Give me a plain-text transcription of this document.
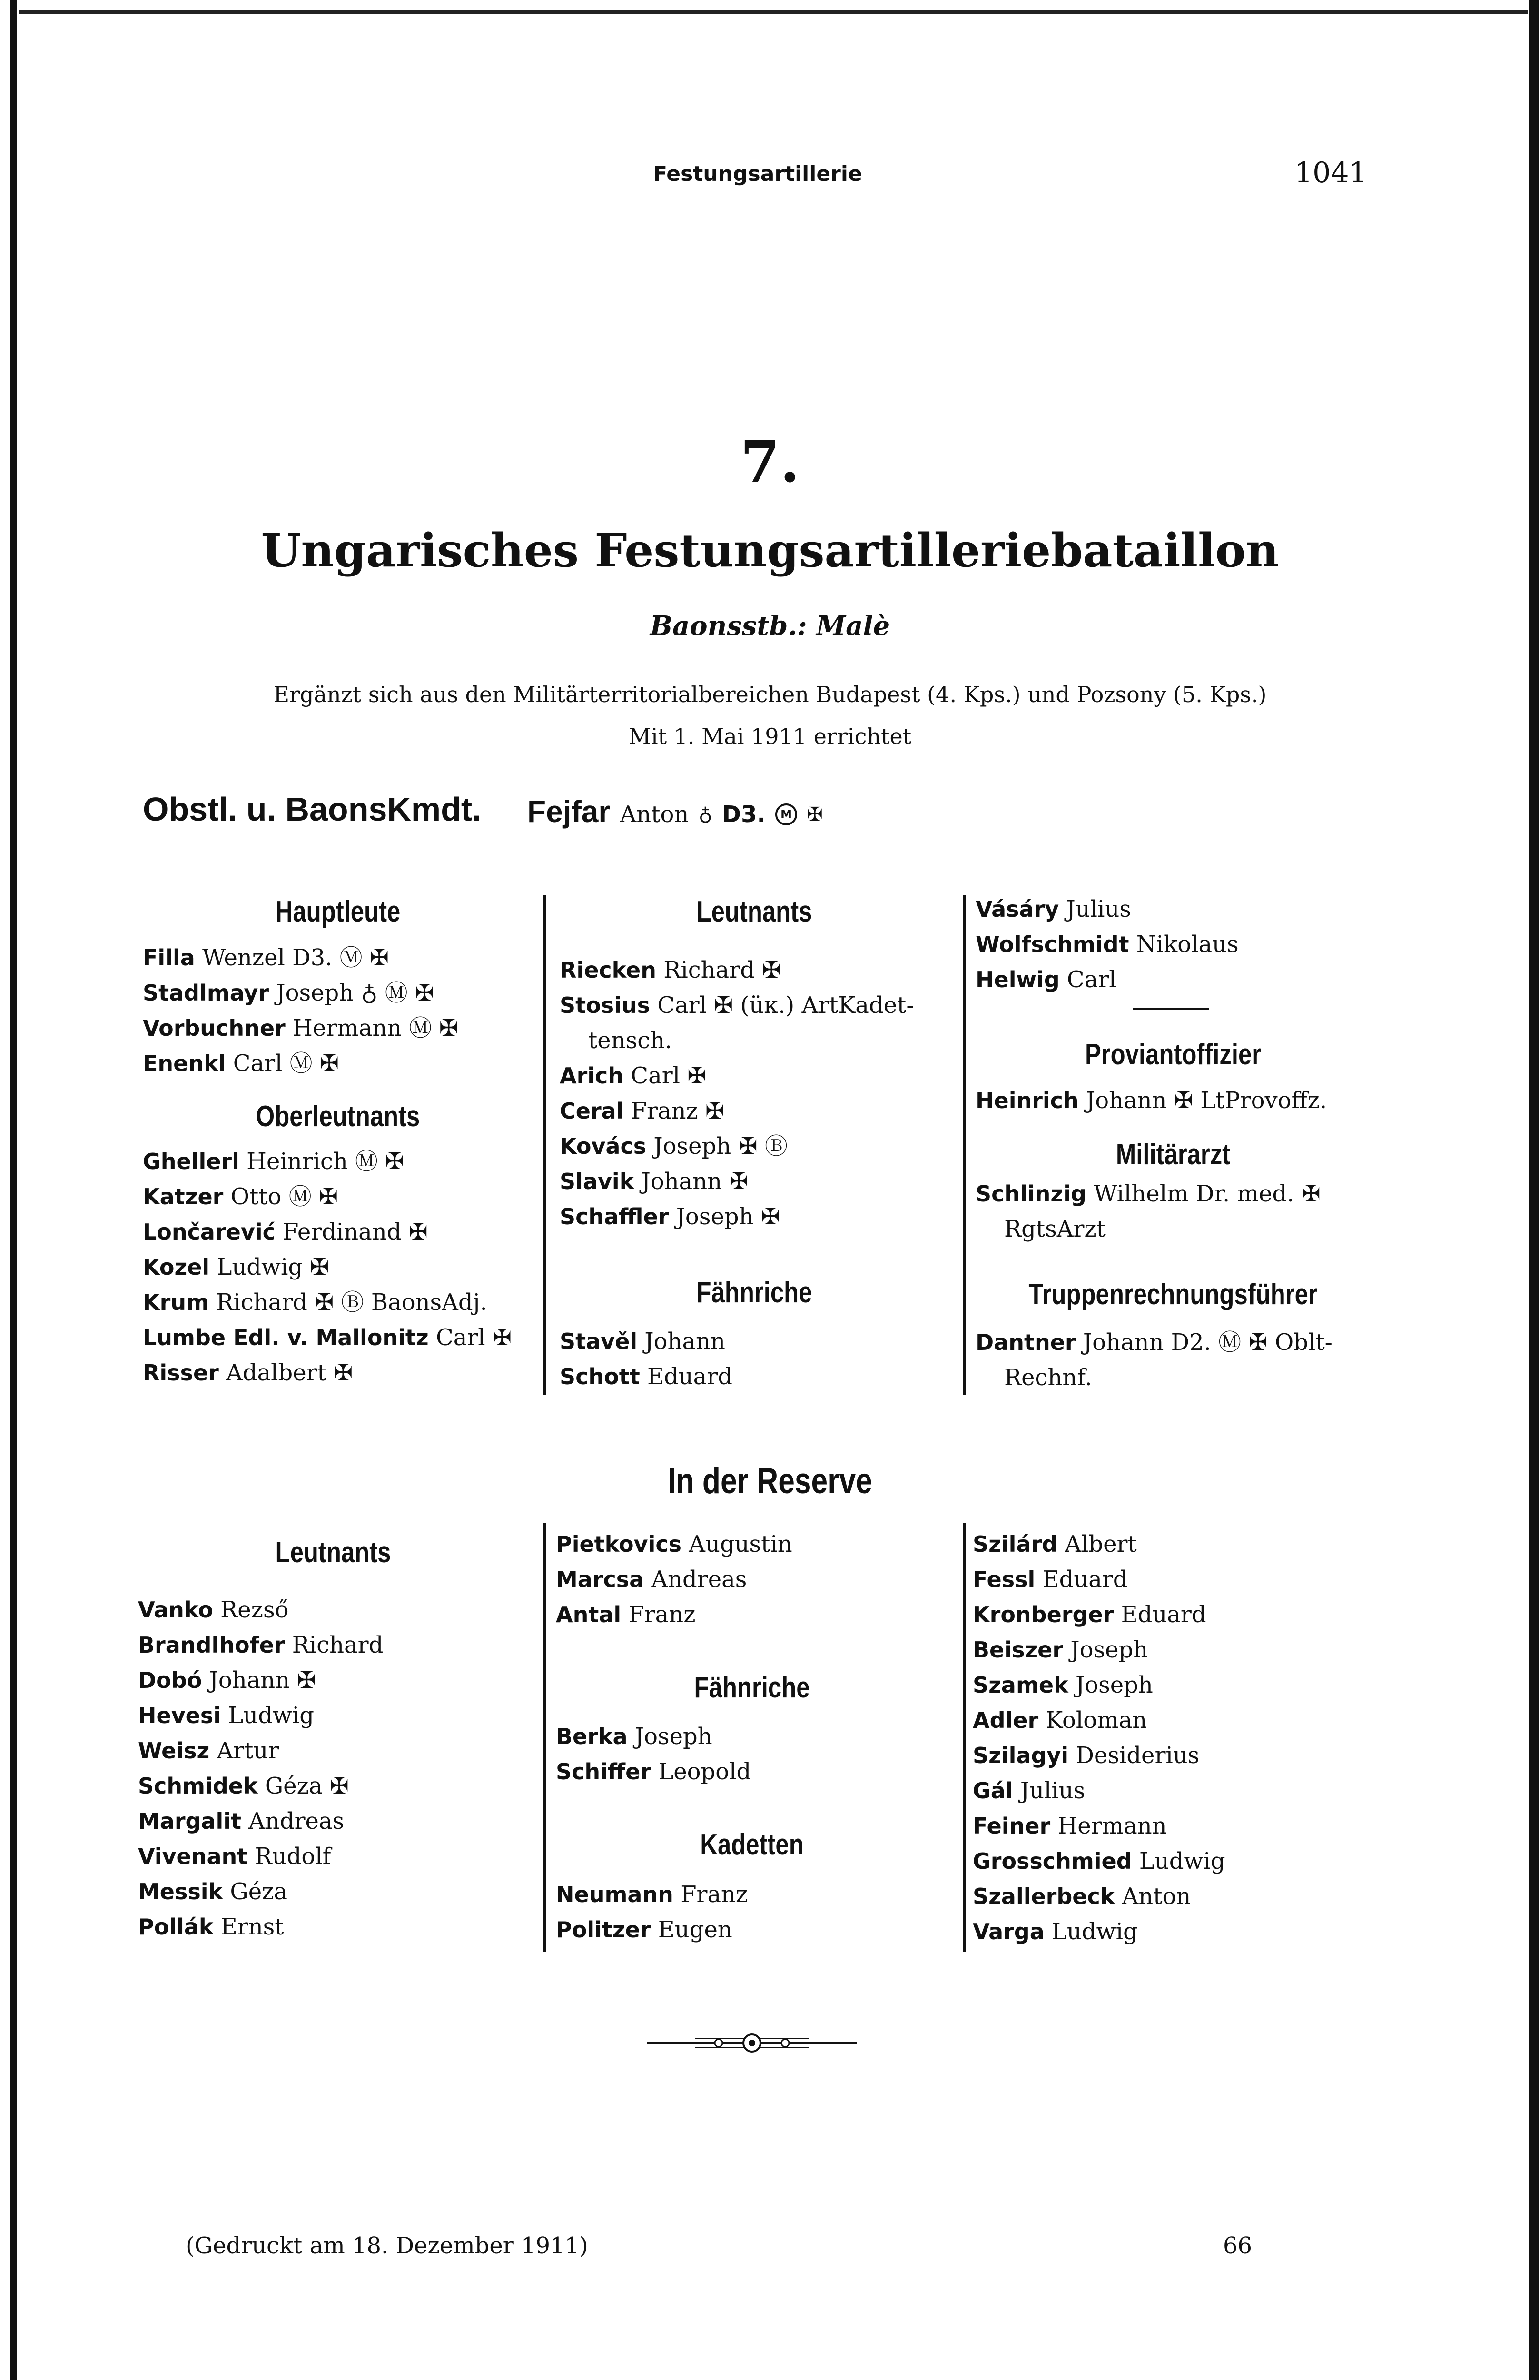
Festungsartillerie	1041
7.
Ungarisches Festungsartilleriebataillon
Baonsstb.: Malè
Ergänzt sich aus den Militärterritorialbereichen Budapest (4. Kps.) und Pozsony (5. Kps.)
Mit 1. Mai 1911 errichtet
Obstl. u. BaonsKmdt. Fejfar Anton ♁ D3. M ✠
Hauptleute
Filla Wenzel D3. Ⓜ ✠
Stadlmayr Joseph ♁ Ⓜ ✠
Vorbuchner Hermann Ⓜ ✠
Enenkl Carl Ⓜ ✠
Oberleutnants
Ghellerl Heinrich Ⓜ ✠
Katzer Otto Ⓜ ✠
Lončarević Ferdinand ✠
Kozel Ludwig ✠
Krum Richard ✠ Ⓑ BaonsAdj.
Lumbe Edl. v. Mallonitz Carl ✠
Risser Adalbert ✠
Leutnants
Riecken Richard ✠
Stosius Carl ✠ (üк.) ArtKadet-
tensch.
Arich Carl ✠
Ceral Franz ✠
Kovács Joseph ✠ Ⓑ
Slavik Johann ✠
Schaffler Joseph ✠
Fähnriche
Stavěl Johann
Schott Eduard
Vásáry Julius
Wolfschmidt Nikolaus
Helwig Carl
Proviantoffizier
Heinrich Johann ✠ LtProvoffz.
Militärarzt
Schlinzig Wilhelm Dr. med. ✠
RgtsArzt
Truppenrechnungsführer
Dantner Johann D2. Ⓜ ✠ Oblt-
Rechnf.
In der Reserve
Leutnants
Vanko Rezső
Brandlhofer Richard
Dobó Johann ✠
Hevesi Ludwig
Weisz Artur
Schmidek Géza ✠
Margalit Andreas
Vivenant Rudolf
Messik Géza
Pollák Ernst
Pietkovics Augustin
Marcsa Andreas
Antal Franz
Fähnriche
Berka Joseph
Schiffer Leopold
Kadetten
Neumann Franz
Politzer Eugen
Szilárd Albert
Fessl Eduard
Kronberger Eduard
Beiszer Joseph
Szamek Joseph
Adler Koloman
Szilagyi Desiderius
Gál Julius
Feiner Hermann
Grosschmied Ludwig
Szallerbeck Anton
Varga Ludwig
(Gedruckt am 18. Dezember 1911)	66
